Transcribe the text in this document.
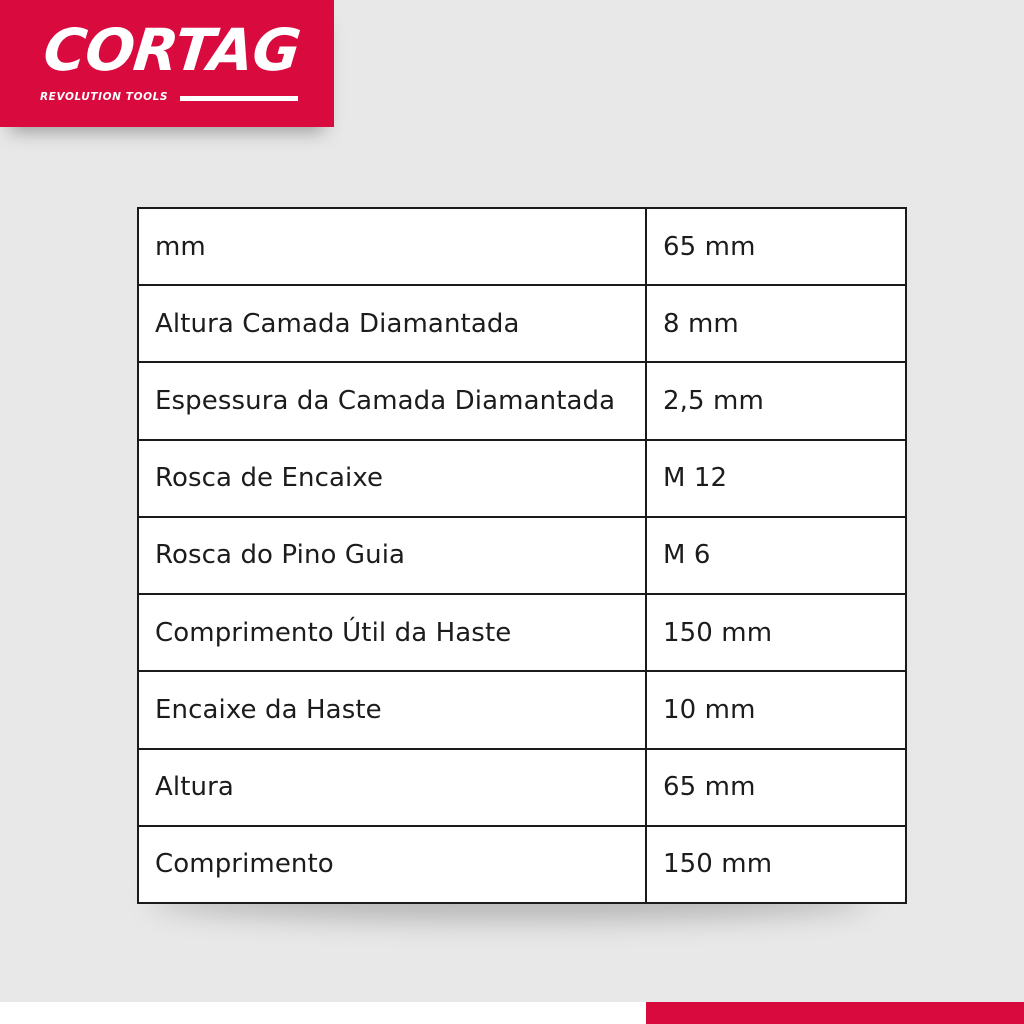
CORTAG
REVOLUTION TOOLS
mm	65 mm
Altura Camada Diamantada	8 mm
Espessura da Camada Diamantada	2,5 mm
Rosca de Encaixe	M 12
Rosca do Pino Guia	M 6
Comprimento Útil da Haste	150 mm
Encaixe da Haste	10 mm
Altura	65 mm
Comprimento	150 mm
